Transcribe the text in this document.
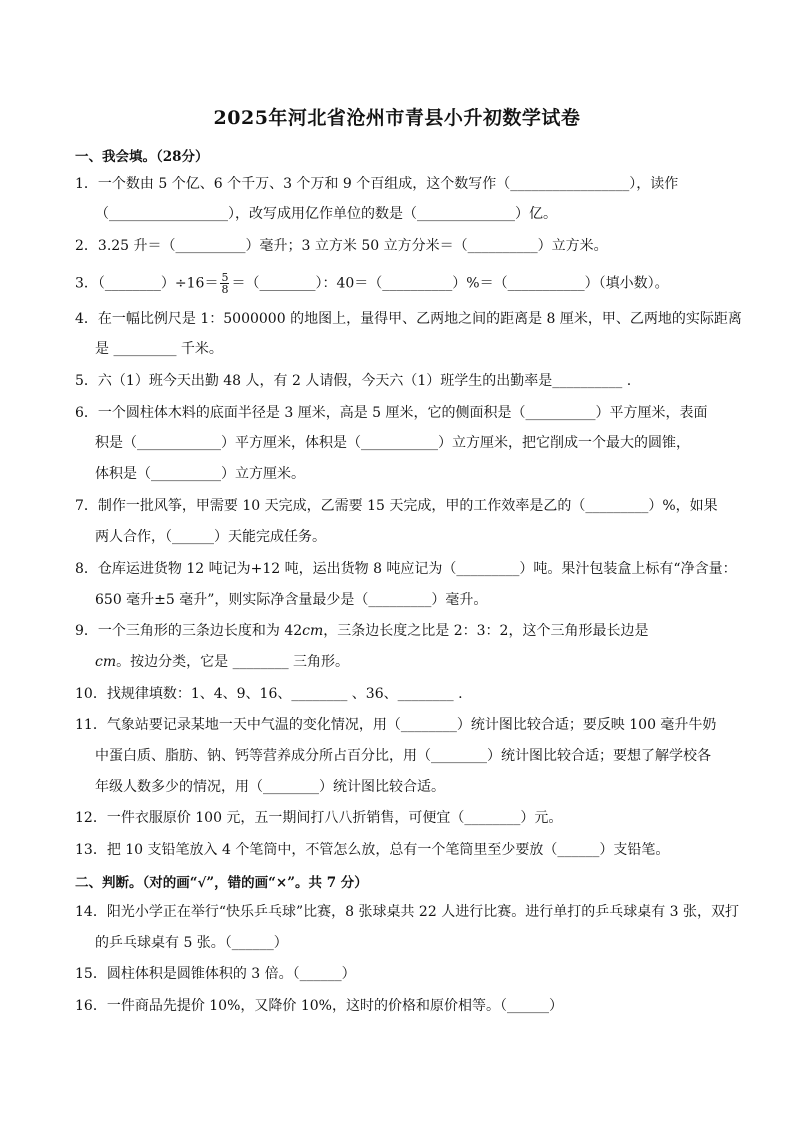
2025年河北省沧州市青县小升初数学试卷
一、我会填。（28分）
1．一个数由 5 个亿、6 个千万、3 个万和 9 个百组成，这个数写作（_________________），读作
（_________________），改写成用亿作单位的数是（______________）亿。
2．3.25 升＝（__________）毫升；3 立方米 50 立方分米＝（__________）立方米。
3．（________）÷16＝ $\frac{5}{8}$ ＝（________）：40＝（__________）%＝（___________）（填小数）。
4．在一幅比例尺是 1：5000000 的地图上，量得甲、乙两地之间的距离是 8 厘米，甲、乙两地的实际距离
是 _________ 千米。
5．六（1）班今天出勤 48 人，有 2 人请假，今天六（1）班学生的出勤率是__________ .
6．一个圆柱体木料的底面半径是 3 厘米，高是 5 厘米，它的侧面积是（__________）平方厘米，表面
积是（____________）平方厘米，体积是（___________）立方厘米，把它削成一个最大的圆锥，
体积是（__________）立方厘米。
7．制作一批风筝，甲需要 10 天完成，乙需要 15 天完成，甲的工作效率是乙的（_________）%，如果
两人合作，（______）天能完成任务。
8．仓库运进货物 12 吨记为+12 吨，运出货物 8 吨应记为（_________）吨。果汁包装盒上标有“净含量：
650 毫升±5 毫升”，则实际净含量最少是（_________）毫升。
9．一个三角形的三条边长度和为 42cm，三条边长度之比是 2：3：2，这个三角形最长边是
cm。按边分类，它是 ________ 三角形。
10．找规律填数：1、4、9、16、________ 、36、________ .
11．气象站要记录某地一天中气温的变化情况，用（________）统计图比较合适；要反映 100 毫升牛奶
中蛋白质、脂肪、钠、钙等营养成分所占百分比，用（________）统计图比较合适；要想了解学校各
年级人数多少的情况，用（________）统计图比较合适。
12．一件衣服原价 100 元，五一期间打八八折销售，可便宜（________）元。
13．把 10 支铅笔放入 4 个笔筒中，不管怎么放，总有一个笔筒里至少要放（______）支铅笔。
二、判断。（对的画“√”，错的画“×”。共 7 分）
14．阳光小学正在举行“快乐乒乓球”比赛，8 张球桌共 22 人进行比赛。进行单打的乒乓球桌有 3 张，双打
的乒乓球桌有 5 张。（______）
15．圆柱体积是圆锥体积的 3 倍。（______）
16．一件商品先提价 10%，又降价 10%，这时的价格和原价相等。（______）
